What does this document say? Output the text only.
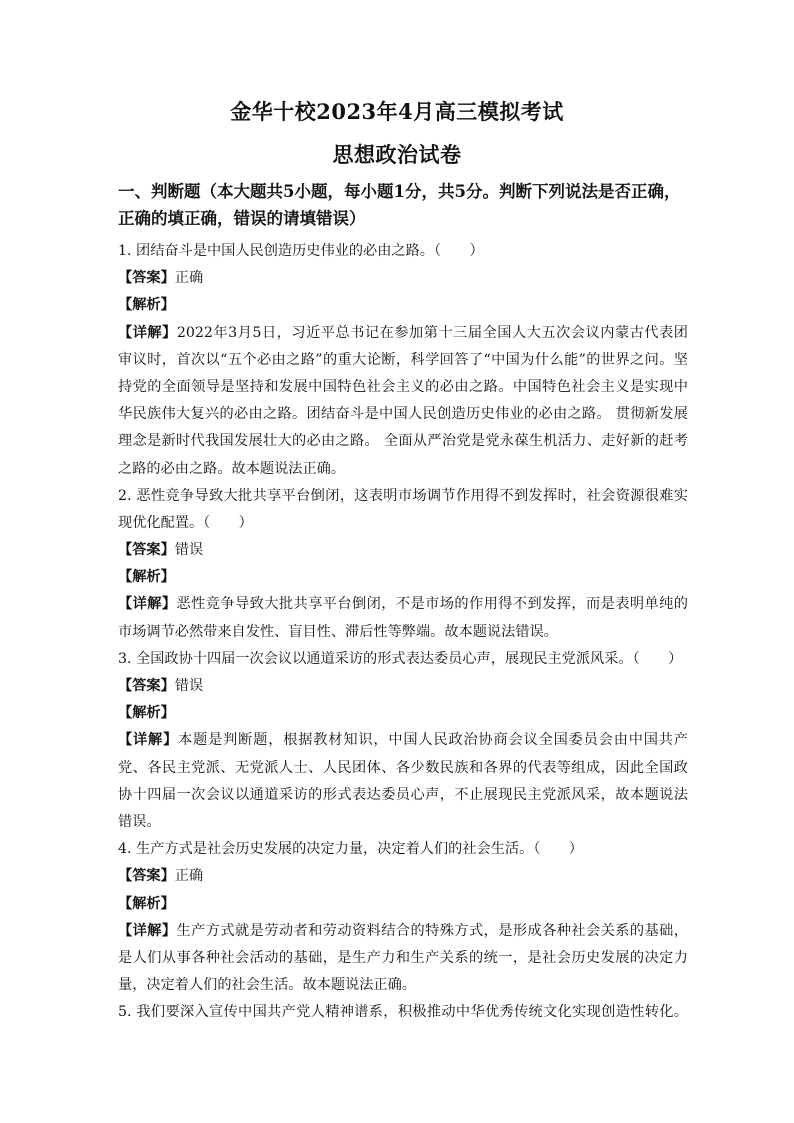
金华十校2023年4月高三模拟考试
思想政治试卷
一、判断题（本大题共5小题，每小题1分，共5分。判断下列说法是否正确，
正确的填正确，错误的请填错误）
1. 团结奋斗是中国人民创造历史伟业的必由之路。（　　）
【答案】正确
【解析】
【详解】2022年3月5日，习近平总书记在参加第十三届全国人大五次会议内蒙古代表团
审议时，首次以“五个必由之路”的重大论断，科学回答了“中国为什么能”的世界之问。坚
持党的全面领导是坚持和发展中国特色社会主义的必由之路。中国特色社会主义是实现中
华民族伟大复兴的必由之路。团结奋斗是中国人民创造历史伟业的必由之路。 贯彻新发展
理念是新时代我国发展壮大的必由之路。 全面从严治党是党永葆生机活力、走好新的赶考
之路的必由之路。故本题说法正确。
2. 恶性竞争导致大批共享平台倒闭，这表明市场调节作用得不到发挥时，社会资源很难实
现优化配置。（　　）
【答案】错误
【解析】
【详解】恶性竞争导致大批共享平台倒闭，不是市场的作用得不到发挥，而是表明单纯的
市场调节必然带来自发性、盲目性、滞后性等弊端。故本题说法错误。
3. 全国政协十四届一次会议以通道采访的形式表达委员心声，展现民主党派风采。（　　）
【答案】错误
【解析】
【详解】本题是判断题，根据教材知识，中国人民政治协商会议全国委员会由中国共产
党、各民主党派、无党派人士、人民团体、各少数民族和各界的代表等组成，因此全国政
协十四届一次会议以通道采访的形式表达委员心声，不止展现民主党派风采，故本题说法
错误。
4. 生产方式是社会历史发展的决定力量，决定着人们的社会生活。（　　）
【答案】正确
【解析】
【详解】生产方式就是劳动者和劳动资料结合的特殊方式，是形成各种社会关系的基础，
是人们从事各种社会活动的基础，是生产力和生产关系的统一，是社会历史发展的决定力
量，决定着人们的社会生活。故本题说法正确。
5. 我们要深入宣传中国共产党人精神谱系，积极推动中华优秀传统文化实现创造性转化。
